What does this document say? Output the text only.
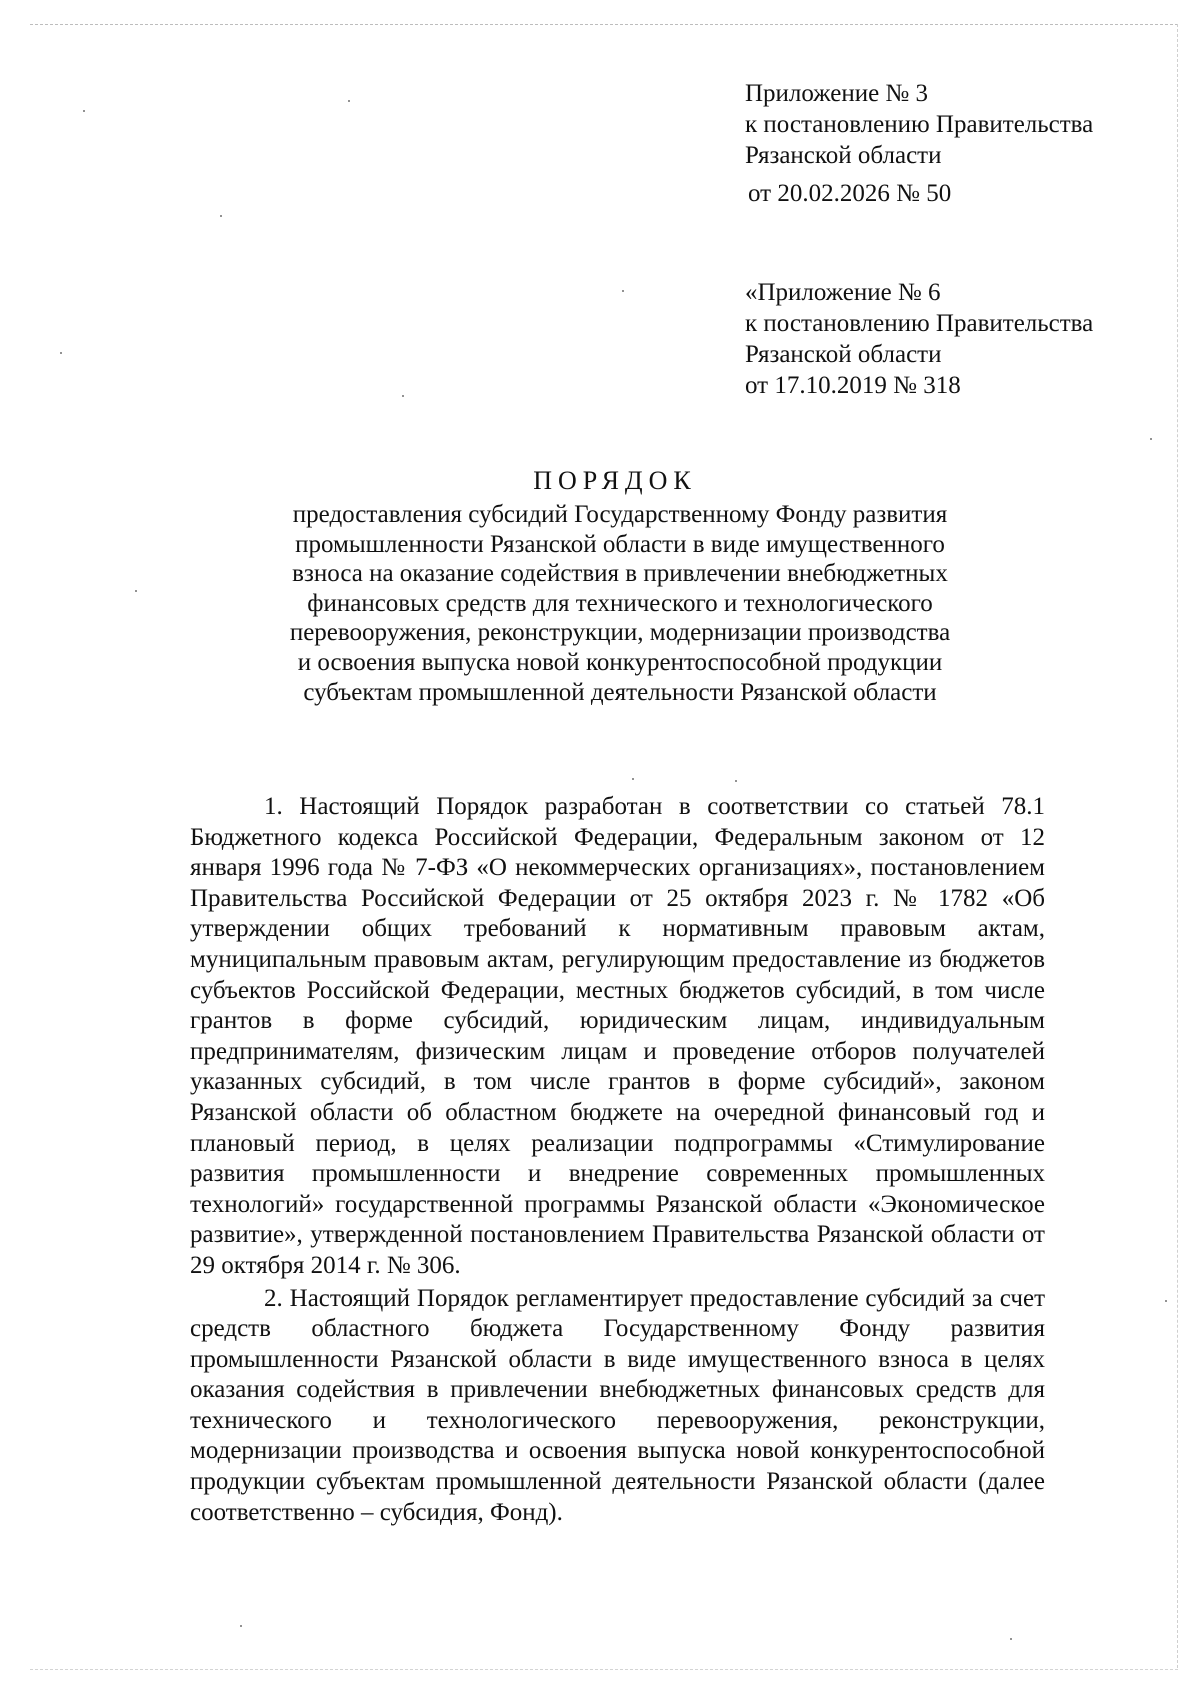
Приложение № 3
к постановлению Правительства
Рязанской области
от 20.02.2026 № 50
«Приложение № 6
к постановлению Правительства
Рязанской области
от 17.10.2019 № 318
ПОРЯДОК
предоставления субсидий Государственному Фонду развития
промышленности Рязанской области в виде имущественного
взноса на оказание содействия в привлечении внебюджетных
финансовых средств для технического и технологического
перевооружения, реконструкции, модернизации производства
и освоения выпуска новой конкурентоспособной продукции
субъектам промышленной деятельности Рязанской области

1. Настоящий Порядок разработан в соответствии со статьей 78.1 Бюджетного кодекса Российской Федерации, Федеральным законом от 12 января 1996 года № 7-ФЗ «О некоммерческих организациях», постановлением Правительства Российской Федерации от 25 октября 2023 г. № 1782 «Об утверждении общих требований к нормативным правовым актам, муниципальным правовым актам, регулирующим предоставление из бюджетов субъектов Российской Федерации, местных бюджетов субсидий, в том числе грантов в форме субсидий, юридическим лицам, индивидуальным предпринимателям, физическим лицам и проведение отборов получателей указанных субсидий, в том числе грантов в форме субсидий», законом Рязанской области об областном бюджете на очередной финансовый год и плановый период, в целях реализации подпрограммы «Стимулирование развития промышленности и внедрение современных промышленных технологий» государственной программы Рязанской области «Экономическое развитие», утвержденной постановлением Правительства Рязанской области от 29 октября 2014 г. № 306.

2. Настоящий Порядок регламентирует предоставление субсидий за счет средств областного бюджета Государственному Фонду развития промышленности Рязанской области в виде имущественного взноса в целях оказания содействия в привлечении внебюджетных финансовых средств для технического и технологического перевооружения, реконструкции, модернизации производства и освоения выпуска новой конкурентоспособной продукции субъектам промышленной деятельности Рязанской области (далее соответственно – субсидия, Фонд).
